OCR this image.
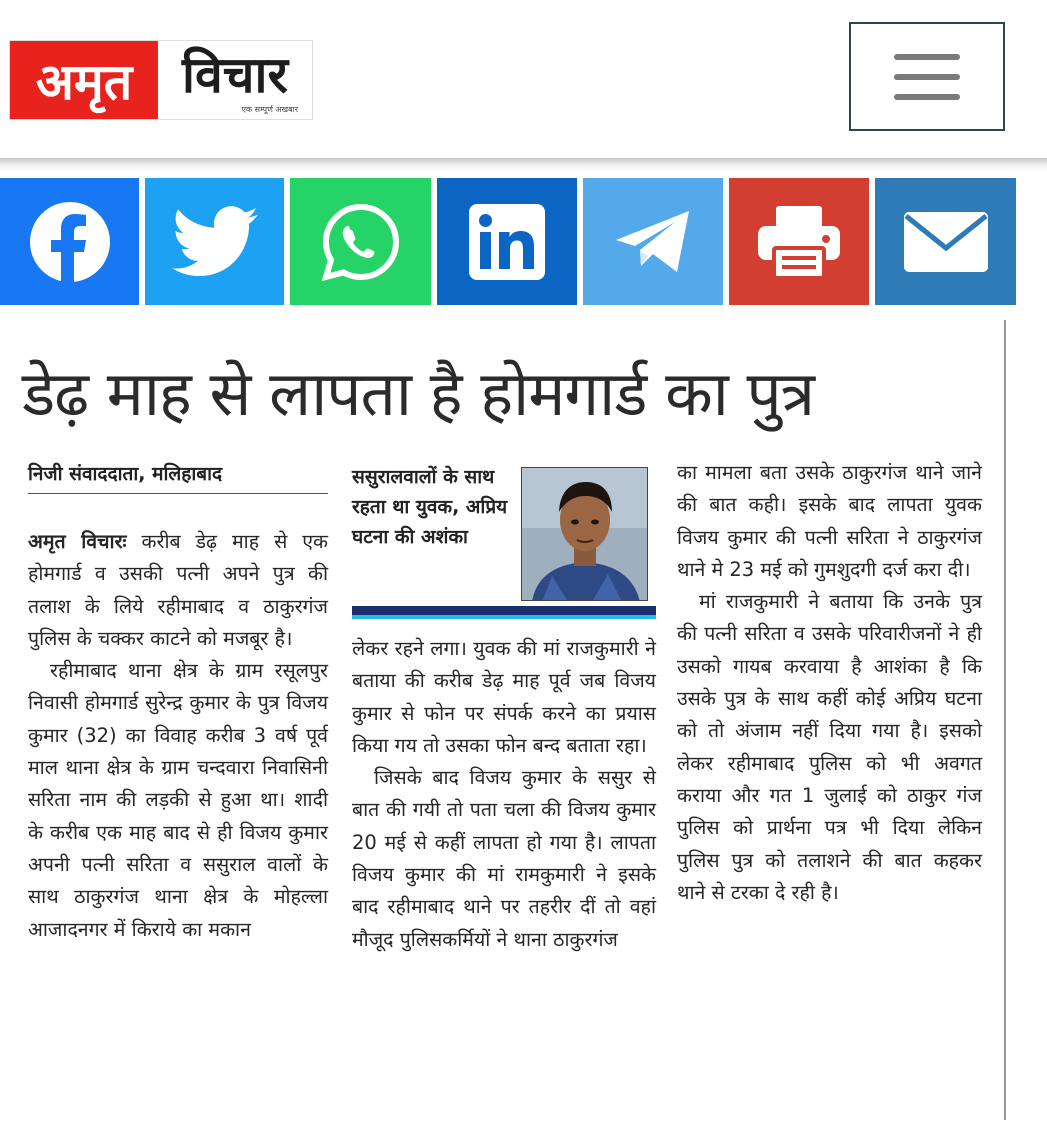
अमृत विचार
एक सम्पूर्ण अखबार
डेढ़ माह से लापता है होमगार्ड का पुत्र
निजी संवाददाता, मलिहाबाद

अमृत विचारः करीब डेढ़ माह से एक होमगार्ड व उसकी पत्नी अपने पुत्र की तलाश के लिये रहीमाबाद व ठाकुरगंज पुलिस के चक्कर काटने को मजबूर है।

रहीमाबाद थाना क्षेत्र के ग्राम रसूलपुर निवासी होमगार्ड सुरेन्द्र कुमार के पुत्र विजय कुमार (32) का विवाह करीब 3 वर्ष पूर्व माल थाना क्षेत्र के ग्राम चन्दवारा निवासिनी सरिता नाम की लड़की से हुआ था। शादी के करीब एक माह बाद से ही विजय कुमार अपनी पत्नी सरिता व ससुराल वालों के साथ ठाकुरगंज थाना क्षेत्र के मोहल्ला आजादनगर में किराये का मकान

ससुरालवालों के साथ रहता था युवक, अप्रिय घटना की अशंका

लेकर रहने लगा। युवक की मां राजकुमारी ने बताया की करीब डेढ़ माह पूर्व जब विजय कुमार से फोन पर संपर्क करने का प्रयास किया गय तो उसका फोन बन्द बताता रहा।

जिसके बाद विजय कुमार के ससुर से बात की गयी तो पता चला की विजय कुमार 20 मई से कहीं लापता हो गया है। लापता विजय कुमार की मां रामकुमारी ने इसके बाद रहीमाबाद थाने पर तहरीर दीं तो वहां मौजूद पुलिसकर्मियों ने थाना ठाकुरगंज

का मामला बता उसके ठाकुरगंज थाने जाने की बात कही। इसके बाद लापता युवक विजय कुमार की पत्नी सरिता ने ठाकुरगंज थाने मे 23 मई को गुमशुदगी दर्ज करा दी।

मां राजकुमारी ने बताया कि उनके पुत्र की पत्नी सरिता व उसके परिवारीजनों ने ही उसको गायब करवाया है आशंका है कि उसके पुत्र के साथ कहीं कोई अप्रिय घटना को तो अंजाम नहीं दिया गया है। इसको लेकर रहीमाबाद पुलिस को भी अवगत कराया और गत 1 जुलाई को ठाकुर गंज पुलिस को प्रार्थना पत्र भी दिया लेकिन पुलिस पुत्र को तलाशने की बात कहकर थाने से टरका दे रही है।
